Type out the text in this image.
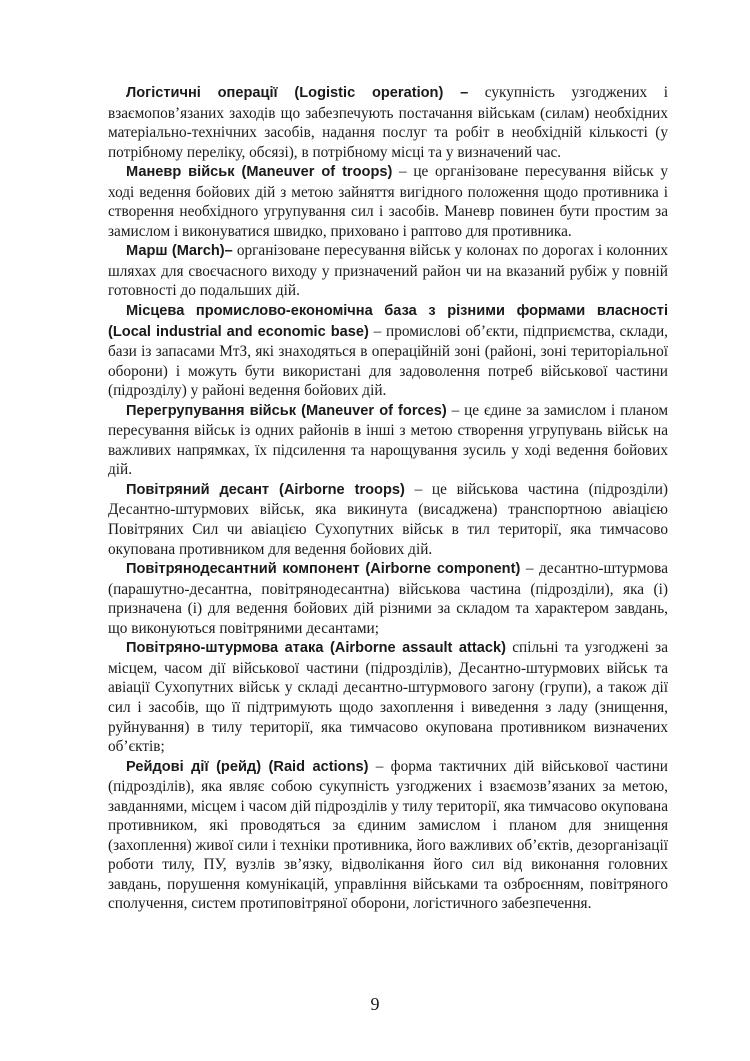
Логістичні операції (Logistic operation) – сукупність узгоджених і взаємопов’язаних заходів що забезпечують постачання військам (силам) необхідних матеріально-технічних засобів, надання послуг та робіт в необхідній кількості (у потрібному переліку, обсязі), в потрібному місці та у визначений час.

Маневр військ (Maneuver of troops) – це організоване пересування військ у ході ведення бойових дій з метою зайняття вигідного положення щодо противника і створення необхідного угрупування сил і засобів. Маневр повинен бути простим за замислом і виконуватися швидко, приховано і раптово для противника.

Марш (March)– організоване пересування військ у колонах по дорогах і колонних шляхах для своєчасного виходу у призначений район чи на вказаний рубіж у повній готовності до подальших дій.

Місцева промислово-економічна база з різними формами власності (Local industrial and economic base) – промислові об’єкти, підприємства, склади, бази із запасами МтЗ, які знаходяться в операційній зоні (районі, зоні територіальної оборони) і можуть бути використані для задоволення потреб військової частини (підрозділу) у районі ведення бойових дій.

Перегрупування військ (Maneuver of forces) – це єдине за замислом і планом пересування військ із одних районів в інші з метою створення угрупувань військ на важливих напрямках, їх підсилення та нарощування зусиль у ході ведення бойових дій.

Повітряний десант (Airborne troops) – це військова частина (підрозділи) Десантно-штурмових військ, яка викинута (висаджена) транспортною авіацією Повітряних Сил чи авіацією Сухопутних військ в тил території, яка тимчасово окупована противником для ведення бойових дій.

Повітрянодесантний компонент (Airborne component) – десантно-штурмова (парашутно-десантна, повітрянодесантна) військова частина (підрозділи), яка (і) призначена (і) для ведення бойових дій різними за складом та характером завдань, що виконуються повітряними десантами;

Повітряно-штурмова атака (Airborne assault attack) спільні та узгоджені за місцем, часом дії військової частини (підрозділів), Десантно-штурмових військ та авіації Сухопутних військ у складі десантно-штурмового загону (групи), а також дії сил і засобів, що її підтримують щодо захоплення і виведення з ладу (знищення, руйнування) в тилу території, яка тимчасово окупована противником визначених об’єктів;

Рейдові дії (рейд) (Raid actions) – форма тактичних дій військової частини (підрозділів), яка являє собою сукупність узгоджених і взаємозв’язаних за метою, завданнями, місцем і часом дій підрозділів у тилу території, яка тимчасово окупована противником, які проводяться за єдиним замислом і планом для знищення (захоплення) живої сили і техніки противника, його важливих об’єктів, дезорганізації роботи тилу, ПУ, вузлів зв’язку, відволікання його сил від виконання головних завдань, порушення комунікацій, управління військами та озброєнням, повітряного сполучення, систем протиповітряної оборони, логістичного забезпечення.

9
